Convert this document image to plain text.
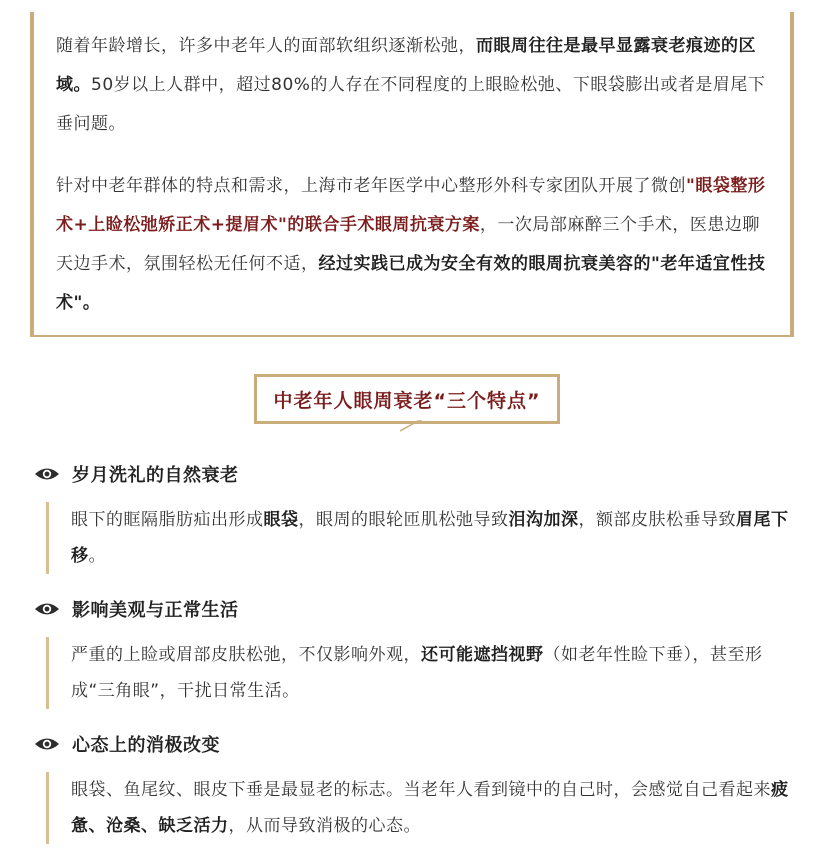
随着年龄增长，许多中老年人的面部软组织逐渐松弛，而眼周往往是最早显露衰老痕迹的区域。50岁以上人群中，超过80%的人存在不同程度的上眼睑松弛、下眼袋膨出或者是眉尾下垂问题。

针对中老年群体的特点和需求，上海市老年医学中心整形外科专家团队开展了微创"眼袋整形术+上睑松弛矫正术+提眉术"的联合手术眼周抗衰方案，一次局部麻醉三个手术，医患边聊天边手术，氛围轻松无任何不适，经过实践已成为安全有效的眼周抗衰美容的"老年适宜性技术"。

中老年人眼周衰老“三个特点”
岁月洗礼的自然衰老
眼下的眶隔脂肪疝出形成眼袋，眼周的眼轮匝肌松弛导致泪沟加深，额部皮肤松垂导致眉尾下移。
影响美观与正常生活
严重的上睑或眉部皮肤松弛，不仅影响外观，还可能遮挡视野（如老年性睑下垂），甚至形成“三角眼”，干扰日常生活。
心态上的消极改变
眼袋、鱼尾纹、眼皮下垂是最显老的标志。当老年人看到镜中的自己时，会感觉自己看起来疲惫、沧桑、缺乏活力，从而导致消极的心态。
